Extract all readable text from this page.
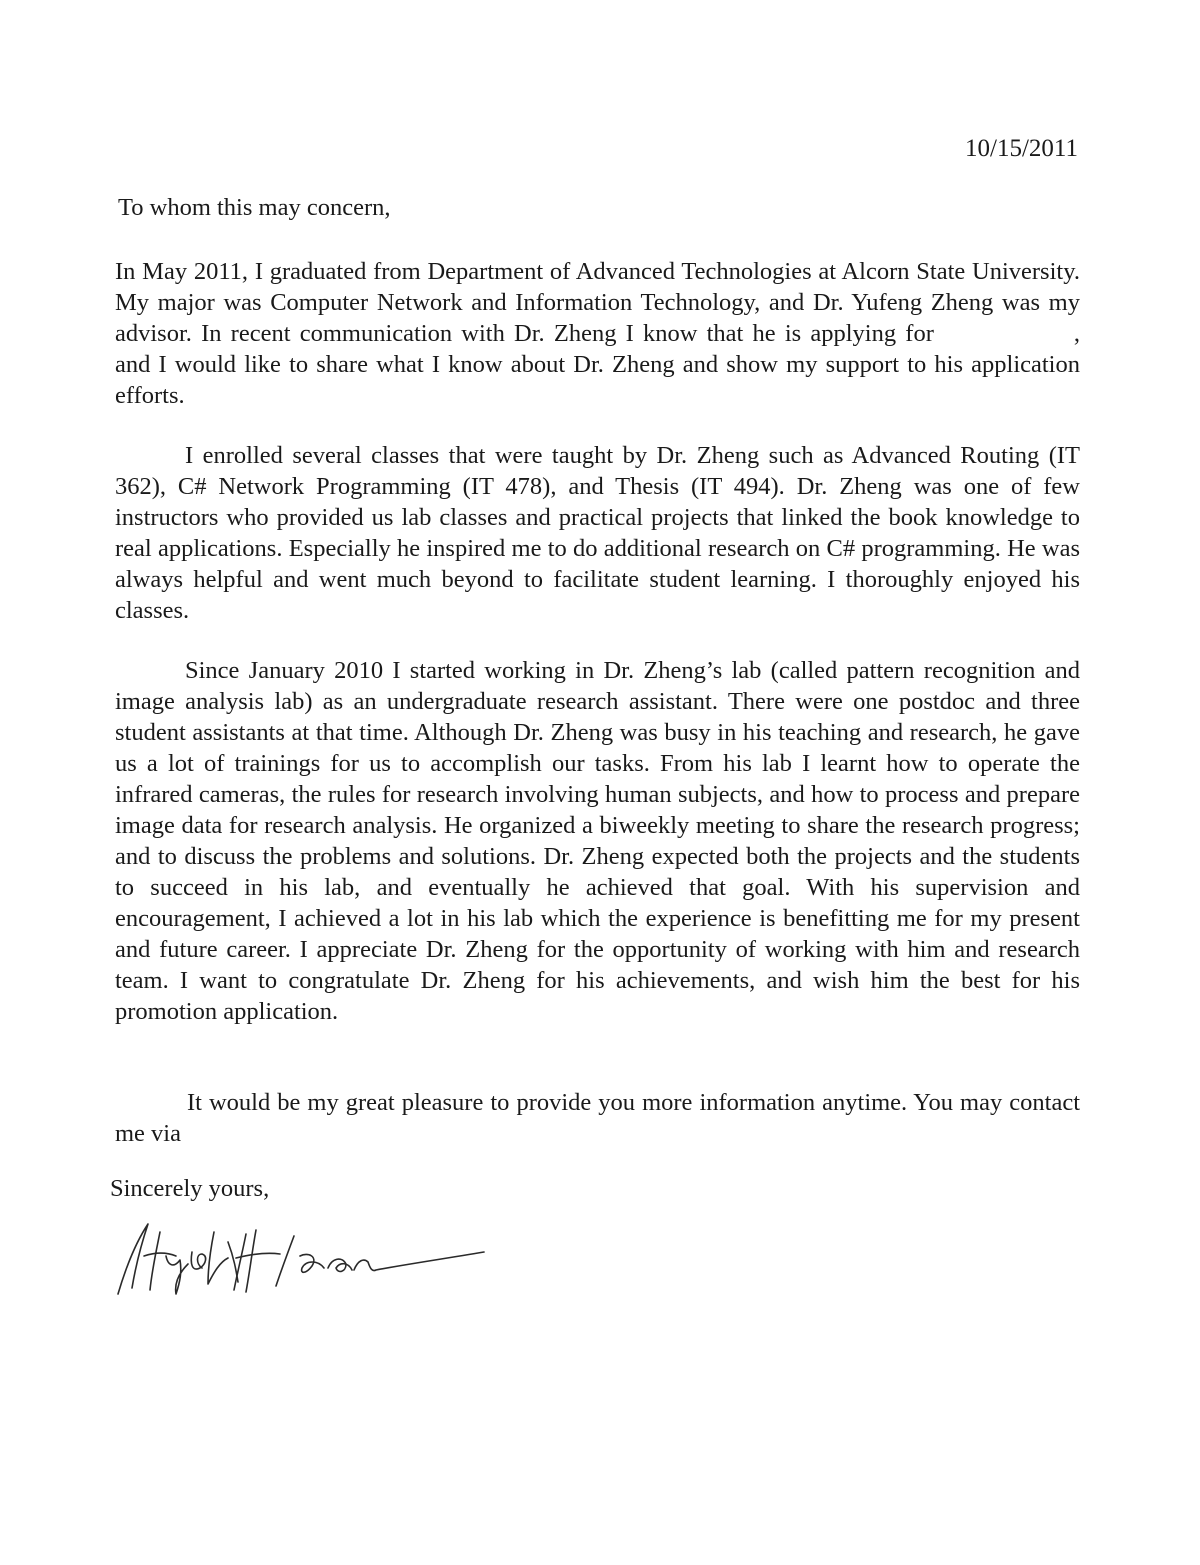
10/15/2011
To whom this may concern,
In May 2011, I graduated from Department of Advanced Technologies at Alcorn State University. My major was Computer Network and Information Technology, and Dr. Yufeng Zheng was my advisor. In recent communication with Dr. Zheng I know that he is applying for	, and I would like to share what I know about Dr. Zheng and show my support to his application efforts.
I enrolled several classes that were taught by Dr. Zheng such as Advanced Routing (IT 362), C# Network Programming (IT 478), and Thesis (IT 494). Dr. Zheng was one of few instructors who provided us lab classes and practical projects that linked the book knowledge to real applications. Especially he inspired me to do additional research on C# programming. He was always helpful and went much beyond to facilitate student learning. I thoroughly enjoyed his classes.
Since January 2010 I started working in Dr. Zheng’s lab (called pattern recognition and image analysis lab) as an undergraduate research assistant. There were one postdoc and three student assistants at that time. Although Dr. Zheng was busy in his teaching and research, he gave us a lot of trainings for us to accomplish our tasks. From his lab I learnt how to operate the infrared cameras, the rules for research involving human subjects, and how to process and prepare image data for research analysis. He organized a biweekly meeting to share the research progress; and to discuss the problems and solutions. Dr. Zheng expected both the projects and the students to succeed in his lab, and eventually he achieved that goal. With his supervision and encouragement, I achieved a lot in his lab which the experience is benefitting me for my present and future career. I appreciate Dr. Zheng for the opportunity of working with him and research team. I want to congratulate Dr. Zheng for his achievements, and wish him the best for his promotion application.
It would be my great pleasure to provide you more information anytime. You may contact me via
Sincerely yours,
